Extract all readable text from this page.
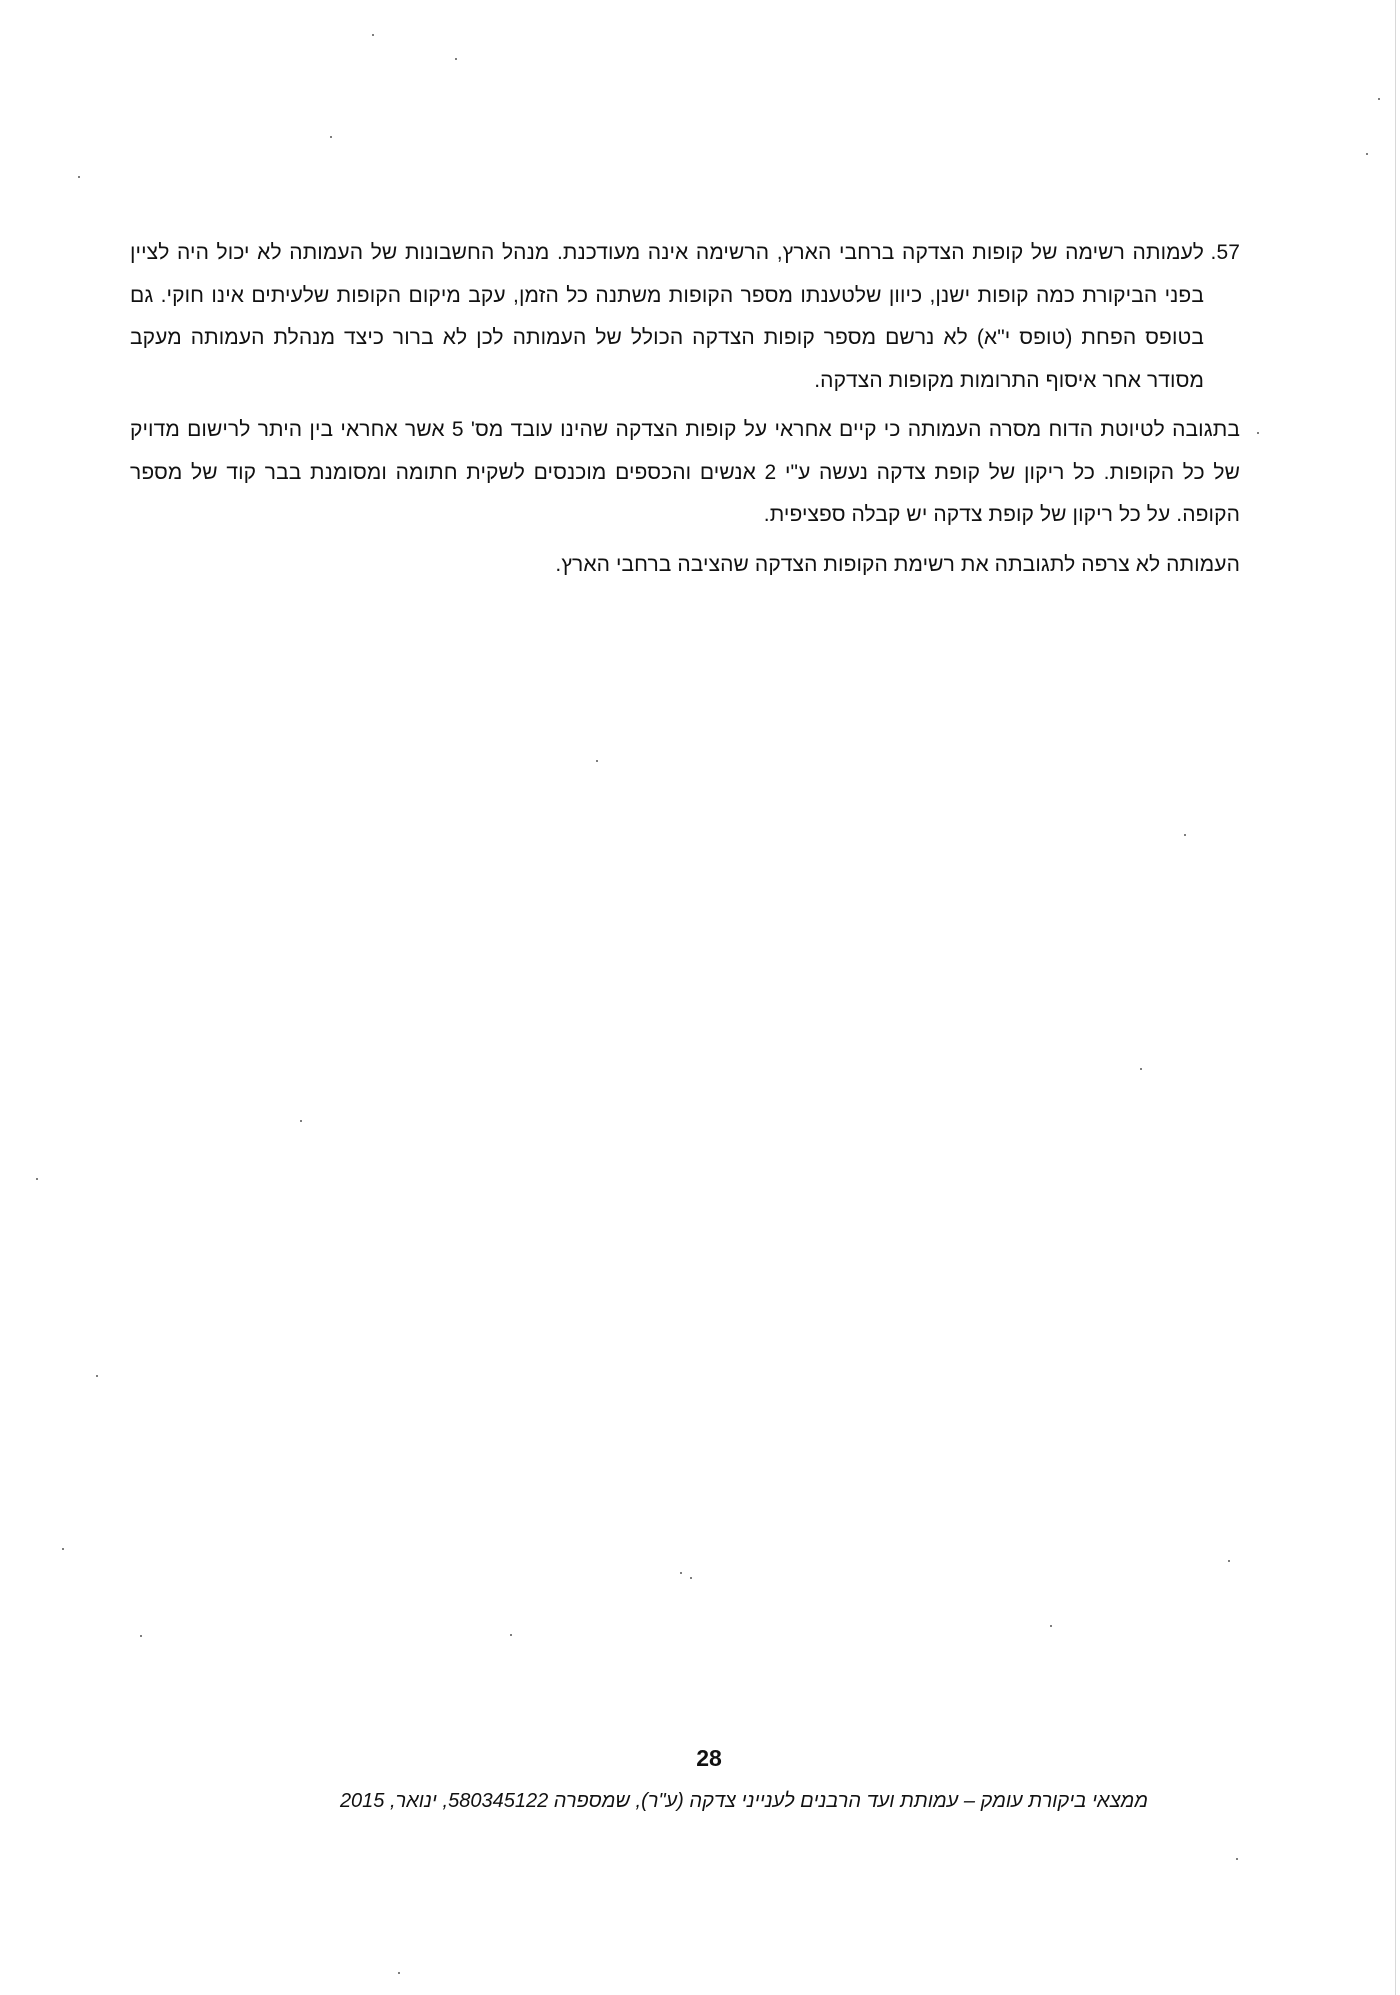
57.
לעמותה רשימה של קופות הצדקה ברחבי הארץ, הרשימה אינה מעודכנת. מנהל החשבונות של העמותה לא יכול היה לציין בפני הביקורת כמה קופות ישנן, כיוון שלטענתו מספר הקופות משתנה כל הזמן, עקב מיקום הקופות שלעיתים אינו חוקי. גם בטופס הפחת (טופס י"א) לא נרשם מספר קופות הצדקה הכולל של העמותה לכן לא ברור כיצד מנהלת העמותה מעקב מסודר אחר איסוף התרומות מקופות הצדקה.

בתגובה לטיוטת הדוח מסרה העמותה כי קיים אחראי על קופות הצדקה שהינו עובד מס' 5 אשר אחראי בין היתר לרישום מדויק של כל הקופות. כל ריקון של קופת צדקה נעשה ע"י 2 אנשים והכספים מוכנסים לשקית חתומה ומסומנת בבר קוד של מספר הקופה. על כל ריקון של קופת צדקה יש קבלה ספציפית.

העמותה לא צרפה לתגובתה את רשימת הקופות הצדקה שהציבה ברחבי הארץ.

28
ממצאי ביקורת עומק – עמותת ועד הרבנים לענייני צדקה (ע"ר), שמספרה 580345122, ינואר, 2015
